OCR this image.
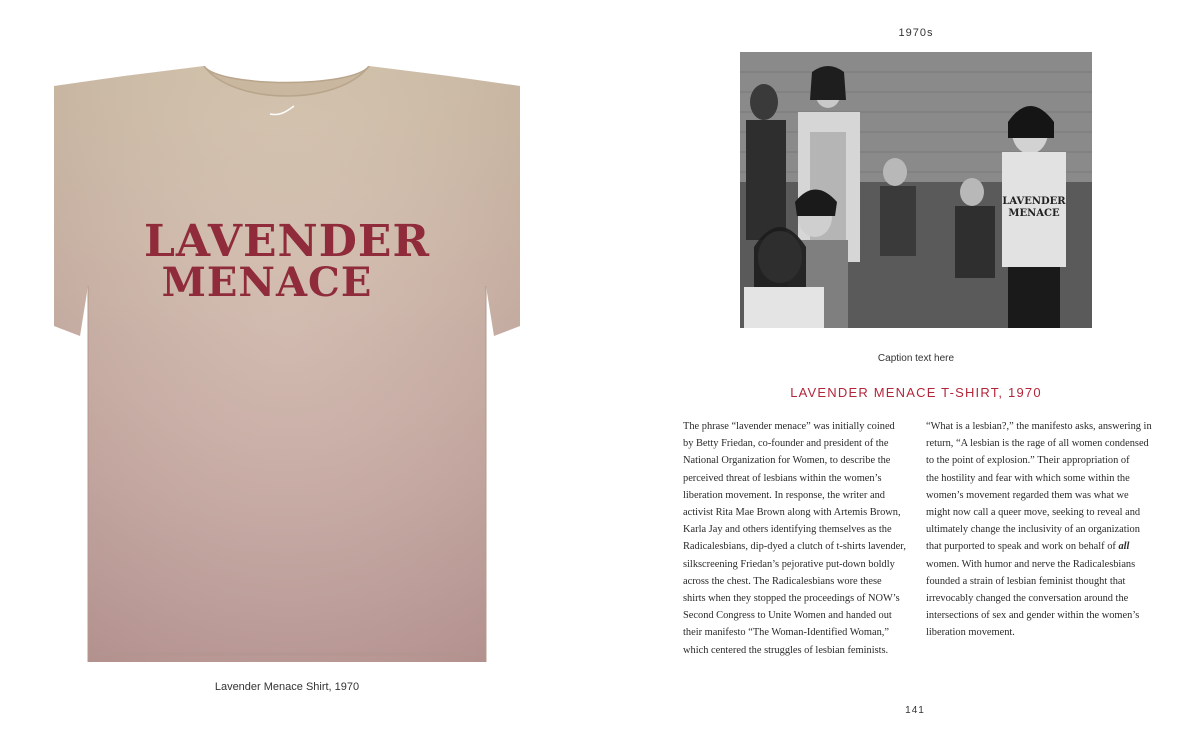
LAVENDER
MENACE
Lavender Menace Shirt, 1970
1970s
LAVENDER
MENACE
Caption text here
LAVENDER MENACE T-SHIRT, 1970
The phrase “lavender menace” was initially coined
by Betty Friedan, co-founder and president of the
National Organization for Women, to describe the
perceived threat of lesbians within the women’s
liberation movement. In response, the writer and
activist Rita Mae Brown along with Artemis Brown,
Karla Jay and others identifying themselves as the
Radicalesbians, dip-dyed a clutch of t-shirts lavender,
silkscreening Friedan’s pejorative put-down boldly
across the chest. The Radicalesbians wore these
shirts when they stopped the proceedings of NOW’s
Second Congress to Unite Women and handed out
their manifesto “The Woman-Identified Woman,”
which centered the struggles of lesbian feminists.
“What is a lesbian?,” the manifesto asks, answering in
return, “A lesbian is the rage of all women condensed
to the point of explosion.” Their appropriation of
the hostility and fear with which some within the
women’s movement regarded them was what we
might now call a queer move, seeking to reveal and
ultimately change the inclusivity of an organization
that purported to speak and work on behalf of all
women. With humor and nerve the Radicalesbians
founded a strain of lesbian feminist thought that
irrevocably changed the conversation around the
intersections of sex and gender within the women’s
liberation movement.
141
